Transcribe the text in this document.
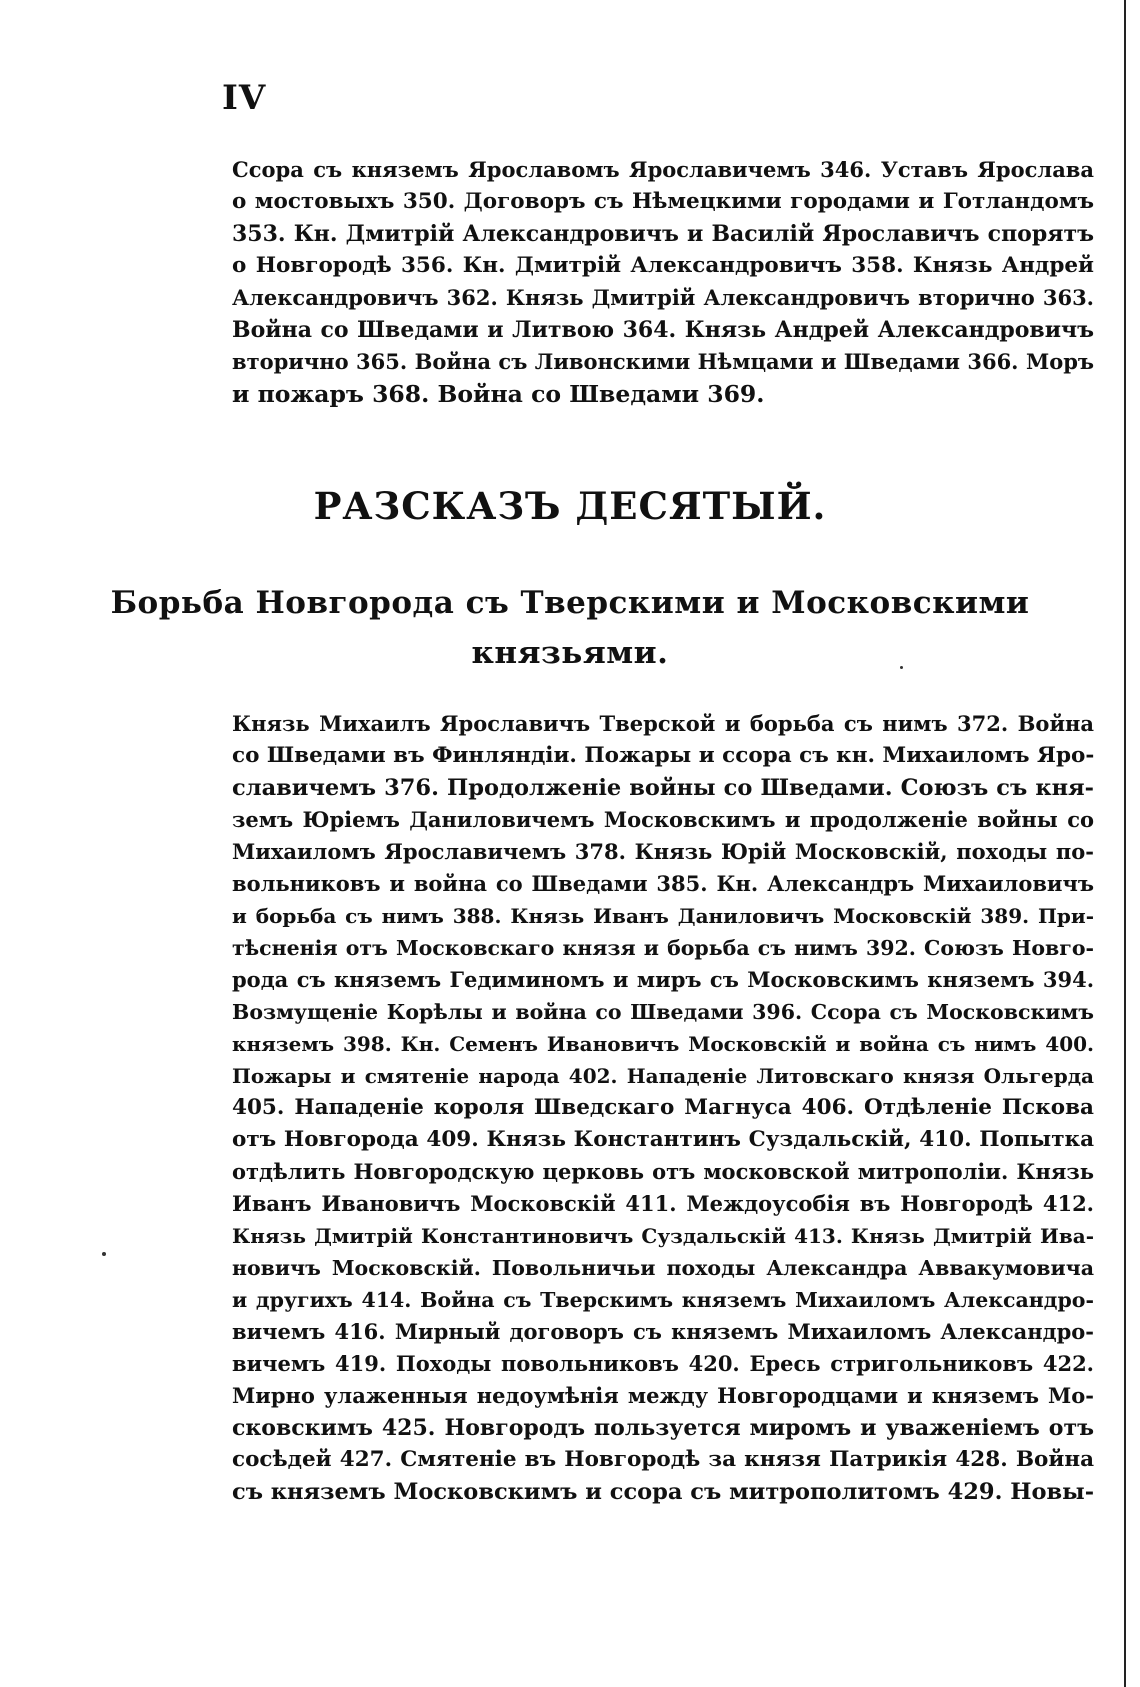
IV
Ссора съ княземъ Ярославомъ Ярославичемъ 346. Уставъ Ярослава
о мостовыхъ 350. Договоръ съ Нѣмецкими городами и Готландомъ
353. Кн. Дмитрій Александровичъ и Василій Ярославичъ спорятъ
о Новгородѣ 356. Кн. Дмитрій Александровичъ 358. Князь Андрей
Александровичъ 362. Князь Дмитрій Александровичъ вторично 363.
Война со Шведами и Литвою 364. Князь Андрей Александровичъ
вторично 365. Война съ Ливонскими Нѣмцами и Шведами 366. Моръ
и пожаръ 368. Война со Шведами 369.
РАЗСКАЗЪ ДЕСЯТЫЙ.
Борьба Новгорода съ Тверскими и Московскими
князьями.
Князь Михаилъ Ярославичъ Тверской и борьба съ нимъ 372. Война
со Шведами въ Финляндіи. Пожары и ссора съ кн. Михаиломъ Яро-
славичемъ 376. Продолженіе войны со Шведами. Союзъ съ кня-
земъ Юріемъ Даниловичемъ Московскимъ и продолженіе войны со
Михаиломъ Ярославичемъ 378. Князь Юрій Московскій, походы по-
вольниковъ и война со Шведами 385. Кн. Александръ Михаиловичъ
и борьба съ нимъ 388. Князь Иванъ Даниловичъ Московскій 389. При-
тѣсненія отъ Московскаго князя и борьба съ нимъ 392. Союзъ Новго-
рода съ княземъ Гедиминомъ и миръ съ Московскимъ княземъ 394.
Возмущеніе Корѣлы и война со Шведами 396. Ссора съ Московскимъ
княземъ 398. Кн. Семенъ Ивановичъ Московскій и война съ нимъ 400.
Пожары и смятеніе народа 402. Нападеніе Литовскаго князя Ольгерда
405. Нападеніе короля Шведскаго Магнуса 406. Отдѣленіе Пскова
отъ Новгорода 409. Князь Константинъ Суздальскій, 410. Попытка
отдѣлить Новгородскую церковь отъ московской митрополіи. Князь
Иванъ Ивановичъ Московскій 411. Междоусобія въ Новгородѣ 412.
Князь Дмитрій Константиновичъ Суздальскій 413. Князь Дмитрій Ива-
новичъ Московскій. Повольничьи походы Александра Аввакумовича
и другихъ 414. Война съ Тверскимъ княземъ Михаиломъ Александро-
вичемъ 416. Мирный договоръ съ княземъ Михаиломъ Александро-
вичемъ 419. Походы повольниковъ 420. Ересь стригольниковъ 422.
Мирно улаженныя недоумѣнія между Новгородцами и княземъ Мо-
сковскимъ 425. Новгородъ пользуется миромъ и уваженіемъ отъ
сосѣдей 427. Смятеніе въ Новгородѣ за князя Патрикія 428. Война
съ княземъ Московскимъ и ссора съ митрополитомъ 429. Новы-
